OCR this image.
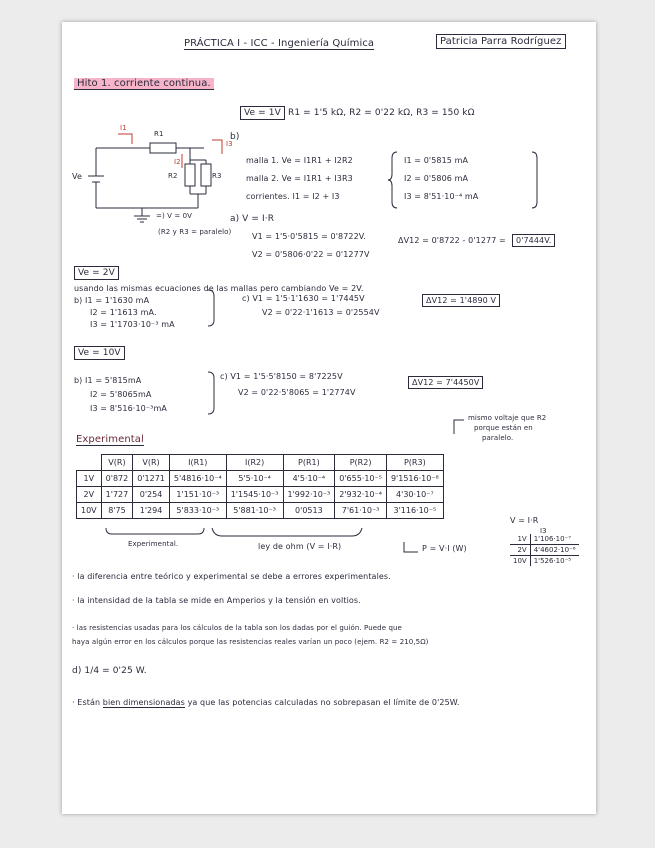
PRÁCTICA I - ICC - Ingeniería Química	Patricia Parra Rodríguez
Hito 1. corriente continua.
Ve = 1V R1 = 1'5 kΩ, R2 = 0'22 kΩ, R3 = 150 kΩ
Ve
R1
R2	R3
I1
I2
I3
=) V = 0V
(R2 y R3 = paralelo)
b)
malla 1. Ve = I1R1 + I2R2
malla 2. Ve = I1R1 + I3R3
corrientes. I1 = I2 + I3
I1 = 0'5815 mA
I2 = 0'5806 mA
I3 = 8'51·10⁻⁴ mA
a) V = I·R
V1 = 1'5·0'5815 = 0'8722V.
V2 = 0'5806·0'22 = 0'1277V
ΔV12 = 0'8722 - 0'1277 =	0'7444V.
Ve = 2V
usando las mismas ecuaciones de las mallas pero cambiando Ve = 2V.
b) I1 = 1'1630 mA
I2 = 1'1613 mA.
I3 = 1'1703·10⁻³ mA
c) V1 = 1'5·1'1630 = 1'7445V
V2 = 0'22·1'1613 = 0'2554V
ΔV12 = 1'4890 V
Ve = 10V
b) I1 = 5'815mA
I2 = 5'8065mA
I3 = 8'516·10⁻³mA
c) V1 = 1'5·5'8150 = 8'7225V
V2 = 0'22·5'8065 = 1'2774V
ΔV12 = 7'4450V
mismo voltaje que R2
porque están en
paralelo.
Experimental
	V(R)	V(R)	I(R1)	I(R2)	P(R1)	P(R2)	P(R3)
1V	0'872	0'1271	5'4816·10⁻⁴	5'5·10⁻⁴	4'5·10⁻⁴	0'655·10⁻⁵	9'1516·10⁻⁸
2V	1'727	0'254	1'151·10⁻³	1'1545·10⁻³	1'992·10⁻³	2'932·10⁻⁴	4'30·10⁻⁷
10V	8'75	1'294	5'833·10⁻³	5'881·10⁻³	0'0513	7'61·10⁻³	3'116·10⁻⁵
Experimental.	ley de ohm (V = I·R)	P = V·I (W)
V = I·R
I3
1V	1'106·10⁻⁷
2V	4'4602·10⁻⁶
10V	1'526·10⁻⁵
· la diferencia entre teórico y experimental se debe a errores experimentales.
· la intensidad de la tabla se mide en Amperios y la tensión en voltios.
· las resistencias usadas para los cálculos de la tabla son los dadas por el guión. Puede que
haya algún error en los cálculos porque las resistencias reales varían un poco (ejem. R2 = 210,5Ω)
d) 1/4 = 0'25 W.
· Están bien dimensionadas ya que las potencias calculadas no sobrepasan el límite de 0'25W.
